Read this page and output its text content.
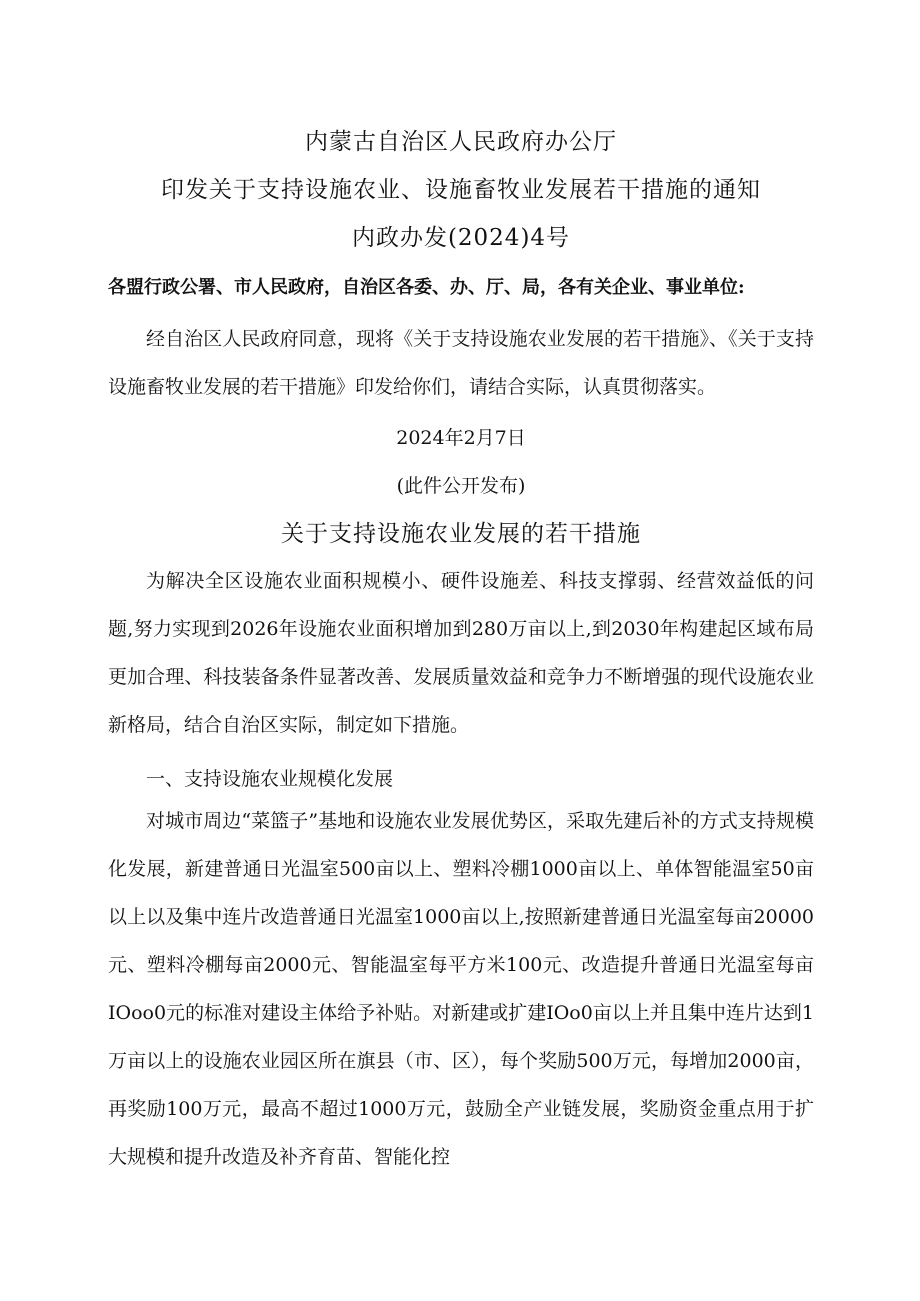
内蒙古自治区人民政府办公厅
印发关于支持设施农业、设施畜牧业发展若干措施的通知
内政办发(2024)4号
各盟行政公署、市人民政府，自治区各委、办、厅、局，各有关企业、事业单位:
经自治区人民政府同意，现将《关于支持设施农业发展的若干措施》、《关于支持设施畜牧业发展的若干措施》印发给你们，请结合实际，认真贯彻落实。
2024年2月7日
(此件公开发布)
关于支持设施农业发展的若干措施
为解决全区设施农业面积规模小、硬件设施差、科技支撑弱、经营效益低的问题,努力实现到2026年设施农业面积增加到280万亩以上,到2030年构建起区域布局更加合理、科技装备条件显著改善、发展质量效益和竞争力不断增强的现代设施农业新格局，结合自治区实际，制定如下措施。
一、支持设施农业规模化发展
对城市周边“菜篮子”基地和设施农业发展优势区，采取先建后补的方式支持规模化发展，新建普通日光温室500亩以上、塑料冷棚1000亩以上、单体智能温室50亩以上以及集中连片改造普通日光温室1000亩以上,按照新建普通日光温室每亩20000元、塑料冷棚每亩2000元、智能温室每平方米100元、改造提升普通日光温室每亩IOoo0元的标准对建设主体给予补贴。对新建或扩建IOo0亩以上并且集中连片达到1万亩以上的设施农业园区所在旗县（市、区），每个奖励500万元，每增加2000亩，再奖励100万元，最高不超过1000万元，鼓励全产业链发展，奖励资金重点用于扩大规模和提升改造及补齐育苗、智能化控
